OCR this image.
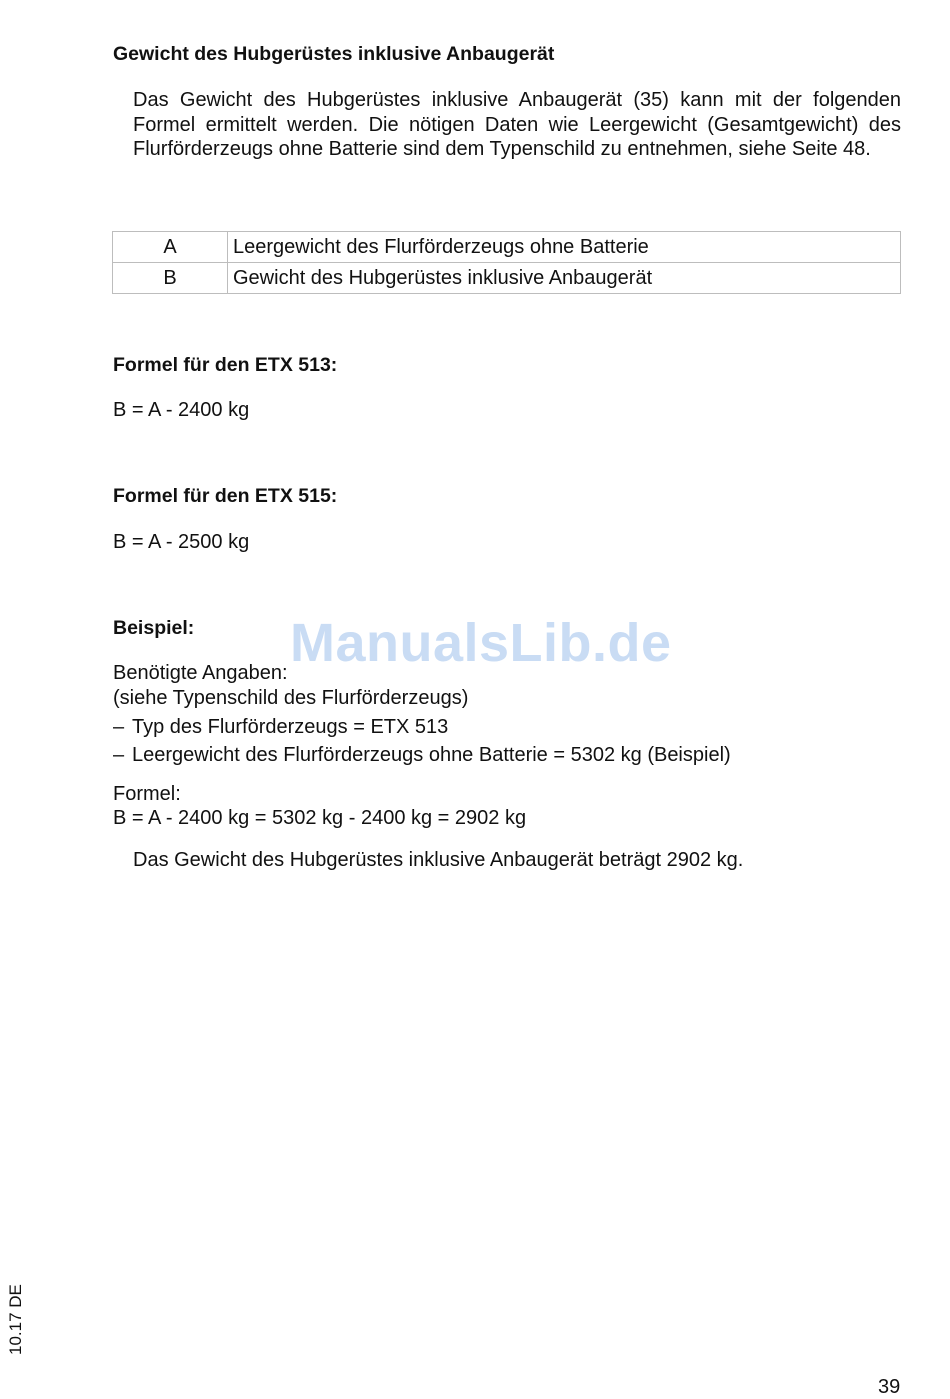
Gewicht des Hubgerüstes inklusive Anbaugerät
Das Gewicht des Hubgerüstes inklusive Anbaugerät (35) kann mit der folgenden Formel ermittelt werden. Die nötigen Daten wie Leergewicht (Gesamtgewicht) des Flurförderzeugs ohne Batterie sind dem Typenschild zu entnehmen, siehe Seite 48.
A	Leergewicht des Flurförderzeugs ohne Batterie
B	Gewicht des Hubgerüstes inklusive Anbaugerät
Formel für den ETX 513:
B = A - 2400 kg
Formel für den ETX 515:
B = A - 2500 kg
ManualsLib.de
Beispiel:
Benötigte Angaben:
(siehe Typenschild des Flurförderzeugs)
– Typ des Flurförderzeugs = ETX 513
– Leergewicht des Flurförderzeugs ohne Batterie = 5302 kg (Beispiel)
Formel:
B = A - 2400 kg = 5302 kg - 2400 kg = 2902 kg
Das Gewicht des Hubgerüstes inklusive Anbaugerät beträgt 2902 kg.
10.17 DE
39
